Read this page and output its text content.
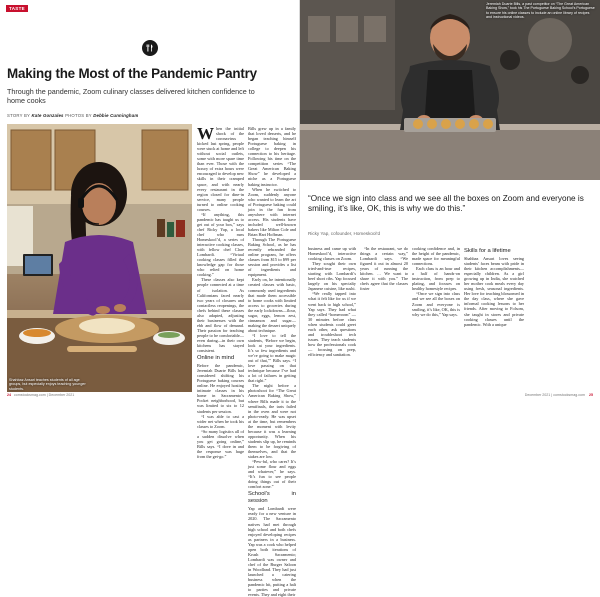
TASTE
Making the Most of the Pandemic Pantry
Through the pandemic, Zoom culinary classes delivered kitchen confidence to home cooks
STORY BY Kate Gonzales PHOTOS BY Debbie Cunningham
Shahbaz Ansari teaches students of all age groups, but especially enjoys teaching younger students.

When the initial shock of the coronavirus kicked last spring, people were stuck at home and left without social outlets, some with more spare time than ever. Those with the luxury of extra hours were encouraged to develop new skills in their cramped space, and with nearly every restaurant in the region closed for dine-in service, many people turned to online cooking courses.

“If anything, this pandemic has taught us to get out of your box,” says chef Ricky Yap, a local chef who runs Homeskool’d, a series of interactive cooking classes, with fellow chef Clare Lombardi. “Virtual cooking classes filled the knowledge gap for those who relied on home cooking.”

These classes also kept people connected at a time of isolation. As Californians faced nearly two years of closures and contactless reopenings, the chefs behind these classes also adapted, adjusting their businesses with the ebb and flow of demand. Their passion for teaching people to be comfortable—even daring—in their own kitchens has stayed consistent.

Online in mind

Before the pandemic, Jeremiah Duarte Bills had considered shifting his Portuguese baking courses online. He enjoyed hosting intimate classes in his home in Sacramento’s Pocket neighborhood, but was limited to six to 12 students per session.

“I was able to cast a wider net when he took his classes to Zoom.

“So many logistics all of a sudden dissolve when you get going online,” Bills says. “I dove in and the response was huge from the get-go.”

Bills grew up in a family that loved desserts, and he began teaching himself Portuguese baking in college to deepen his connection to his heritage. Following his time on the competition series “The Great American Baking Show” he developed a niche as a Portuguese baking instructor.

When he switched to Zoom, suddenly anyone who wanted to learn the art of Portuguese baking could join in the fun from anywhere with internet access. His students have included well-known bakers like Milton Cole and Brian Hart Hoffman.

Through The Portuguese Baking School, as he has recently rebranded the online program, he offers classes from $15 to $99 per session and provides a list of ingredients and equipment.

Early on, he intentionally created classes with basic, commonly used ingredients that made them accessible to home cooks with limited access to groceries during the early lockdowns—flour, sugar, eggs, lemon zest, cinnamon and sugar—making the dessert uniquely about technique.

“I love to tell the students, ‘Before we begin, look at your ingredients. It’s so few ingredients and we’re going to make magic out of that,’” Bills says. “I love passing on that technique because I’ve had a lot of failures in getting that right.”

The night before a photoshoot for “The Great American Baking Show,” where Bills made it to the semifinals, the tarts failed in the oven and were not photo-ready. He was upset at the time, but remembers the moment with levity because it was a learning opportunity. When his students slip up, he reminds them to be forgiving of themselves, and that the stakes are low.

“Pew-ful, who cares? It’s just some flour and eggs and whatever,” he says. “It’s fun to see people doing things out of their comfort zone.”

School’s in session

Yap and Lombardi were ready for a new venture in 2020. The Sacramento natives had met through high school and both chefs enjoyed developing recipes as partners in a business. Yap was a cook who helped open both iterations of Krush Sacramento; Lombardi was owner and chef of the Burger Saloon in Woodland. They had just launched a catering business when the pandemic hit, putting a halt to parties and private events. They and eight their

24 comstocksmag.com | December 2021
Jeremiah Duarte Bills, a past competitor on “The Great American Baking Show,” took his The Portuguese Baking School’s Portuguese to ensure his online classes to include an online library of recipes and instructional videos.
“Once we sign into class and we see all the boxes on Zoom and everyone is smiling, it’s like, OK, this is why we do this.”
Ricky Yap, cofounder, Homeskool’d

business and came up with Homeskool’d, interactive cooking classes on Zoom.

They sought their own tried-and-true recipes, starting with Lombardi’s beef short ribs. Yap focused largely on his specialty Japanese cuisine, like sushi.

“We really tapped into what it felt like for us if we went back to high school,” Yap says. They had what they called “homeroom” — 30 minutes before class when students could greet each other, ask questions and troubleshoot tech issues. They teach students how the professionals cook — focusing on prep, efficiency and sanitation.

“In the restaurant, we do things a certain way,” Lombardi says. “We figured it out in almost 20 years of running the kitchen. … We want to share it with you.” The chefs agree that the classes foster

cooking confidence and, in the height of the pandemic, made space for meaningful connections.

Each class is an hour and a half of hands-on instruction, from prep to plating, and focuses on healthy homestyle recipes.

“Once we sign into class and we see all the boxes on Zoom and everyone is smiling, it’s like, OK, this is why we do this,” Yap says.

Skills for a lifetime

Shahbaz Ansari loves seeing students’ faces beam with pride in their kitchen accomplishments—especially children. As a girl growing up in India, she watched her mother cook meals every day using fresh, seasonal ingredients. Her love for teaching blossomed in the day class, where she gave informal cooking lessons to her friends. After moving to Folsom, she taught in stores and private cooking classes until the pandemic. With a unique

December 2021 | comstocksmag.com 25
